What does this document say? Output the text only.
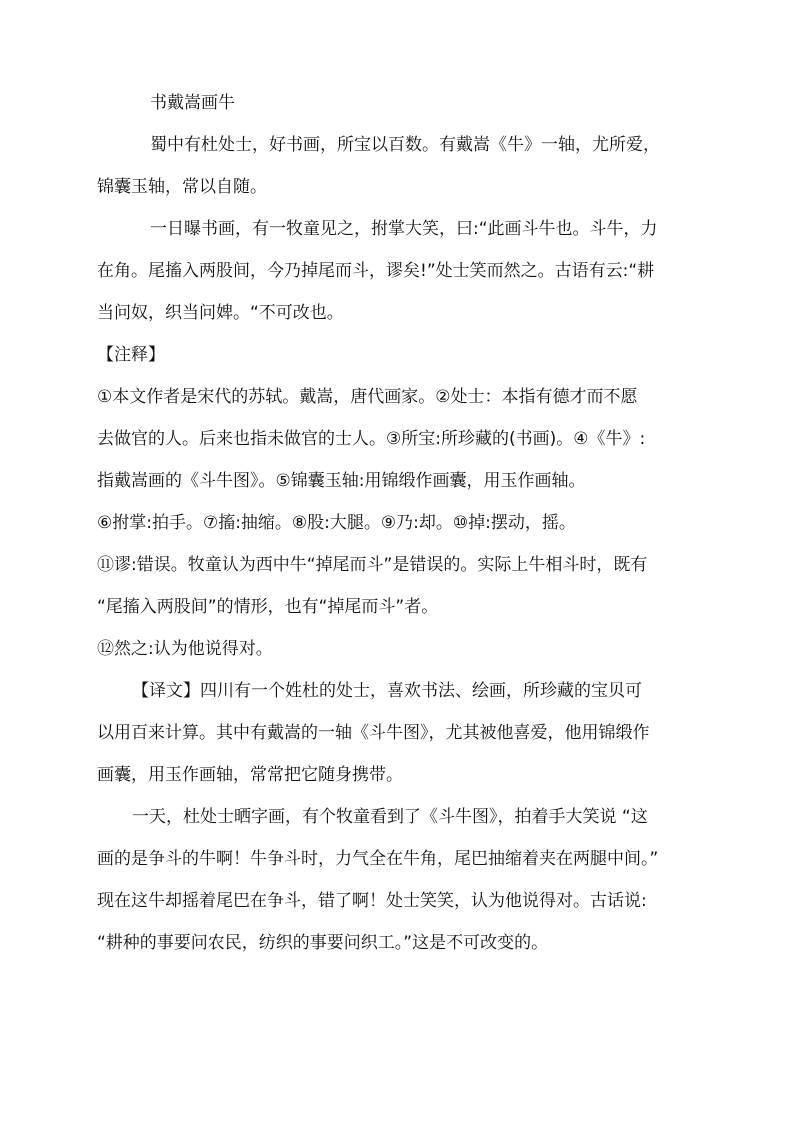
书戴嵩画牛

蜀中有杜处士，好书画，所宝以百数。有戴嵩《牛》一轴，尤所爱，

锦囊玉轴，常以自随。

一日曝书画，有一牧童见之，拊掌大笑，曰:“此画斗牛也。斗牛，力

在角。尾搐入两股间，今乃掉尾而斗，谬矣!”处士笑而然之。古语有云:“耕

当问奴，织当问婢。“不可改也。

【注释】

①本文作者是宋代的苏轼。戴嵩，唐代画家。②处士：本指有德才而不愿

去做官的人。后来也指未做官的士人。③所宝:所珍藏的(书画)。④《牛》:

指戴嵩画的《斗牛图》。⑤锦囊玉轴:用锦缎作画囊，用玉作画轴。

⑥拊掌:拍手。⑦搐:抽缩。⑧股:大腿。⑨乃:却。⑩掉:摆动，摇。

⑪谬:错误。牧童认为西中牛“掉尾而斗”是错误的。实际上牛相斗时，既有

“尾搐入两股间”的情形，也有“掉尾而斗”者。

⑫然之:认为他说得对。

【译文】四川有一个姓杜的处士，喜欢书法、绘画，所珍藏的宝贝可

以用百来计算。其中有戴嵩的一轴《斗牛图》，尤其被他喜爱，他用锦缎作

画囊，用玉作画轴，常常把它随身携带。

一天，杜处士晒字画，有个牧童看到了《斗牛图》，拍着手大笑说 “这

画的是争斗的牛啊！牛争斗时，力气全在牛角，尾巴抽缩着夹在两腿中间。”

现在这牛却摇着尾巴在争斗，错了啊！处士笑笑，认为他说得对。古话说:

“耕种的事要问农民，纺织的事要问织工。”这是不可改变的。
